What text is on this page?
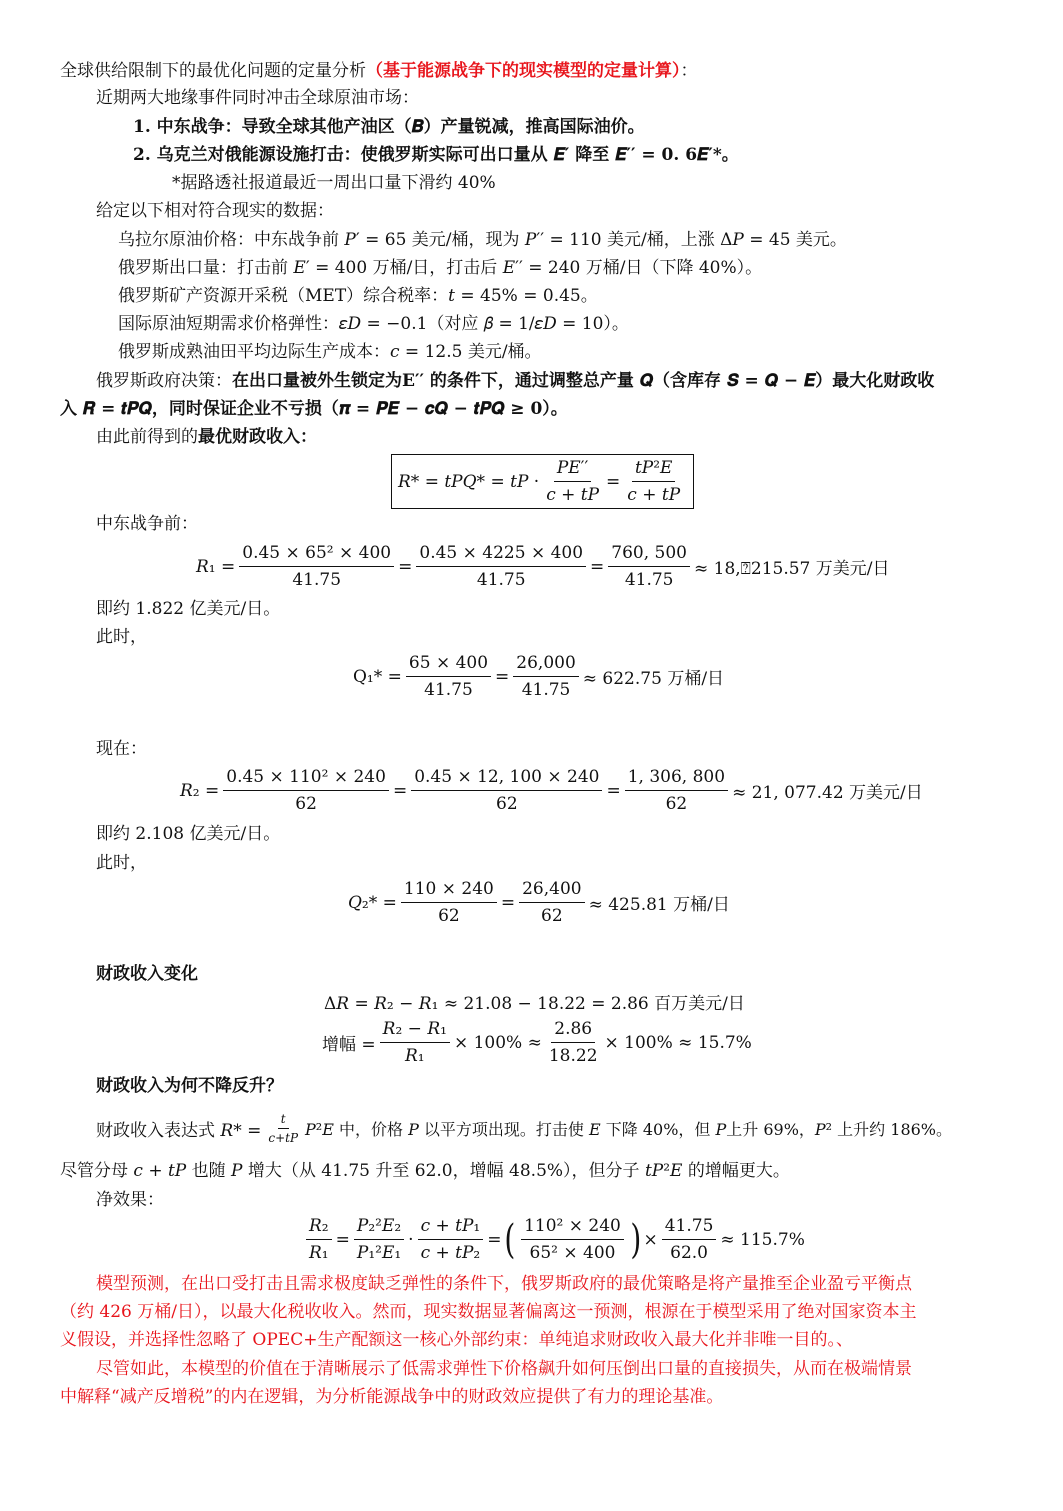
全球供给限制下的最优化问题的定量分析（基于能源战争下的现实模型的定量计算）：
近期两大地缘事件同时冲击全球原油市场：
1. 中东战争：导致全球其他产油区（𝑩）产量锐减，推高国际油价。
2. 乌克兰对俄能源设施打击：使俄罗斯实际可出口量从 𝑬′ 降至 𝑬′′ = 𝟎. 𝟔𝑬′*。
*据路透社报道最近一周出口量下滑约 40%
给定以下相对符合现实的数据：
乌拉尔原油价格：中东战争前 𝑃′ = 65 美元/桶，现为 𝑃′′ = 110 美元/桶，上涨 Δ𝑃 = 45 美元。
俄罗斯出口量：打击前 𝐸′ = 400 万桶/日，打击后 𝐸′′ = 240 万桶/日（下降 40%）。
俄罗斯矿产资源开采税（MET）综合税率：𝑡 = 45% = 0.45。
国际原油短期需求价格弹性：𝜀𝐷 = −0.1（对应 𝛽 = 1/𝜀𝐷 = 10）。
俄罗斯成熟油田平均边际生产成本：𝑐 = 12.5 美元/桶。
俄罗斯政府决策：在出口量被外生锁定为E′′ 的条件下，通过调整总产量 𝑸（含库存 𝑺 = 𝑸 − 𝑬）最大化财政收
入 𝑹 = 𝒕𝑷𝑸，同时保证企业不亏损（𝝅 = 𝑷𝑬 − 𝒄𝑸 − 𝒕𝑷𝑸 ≥ 𝟎）。
由此前得到的最优财政收入：
𝑅* = 𝑡𝑃𝑄* = 𝑡𝑃 · $\frac{\text{𝑃𝐸′′}}{\text{𝑐 + 𝑡𝑃}} = \frac{\text{𝑡𝑃²𝐸}}{\text{𝑐 + 𝑡𝑃}}$
中东战争前：
𝑅₁ = $\frac{\text{0.45 × 65² × 400}}{41.75} = \frac{0.45 \times 4225 \times 400}{41.75} = \frac{760, 500}{41.75}$ ≈ 18,⍰215.57 万美元/日
即约 1.822 亿美元/日。
此时，
$Q_1* = \frac{65 \times 400}{41.75} = \frac{26,000}{41.75} \approx 622.75$ 万桶/日
现在：
𝑅₂ = $\frac{\text{0.45 × 110² × 240}}{62} = \frac{0.45 \times 12, 100 \times 240}{62} = \frac{1, 306, 800}{62} \approx 21$, 077.42 万美元/日
即约 2.108 亿美元/日。
此时，
𝑄₂* = $\frac{110 \times 240}{62} = \frac{26,400}{62} \approx 425.81$ 万桶/日
财政收入变化
Δ𝑅 = 𝑅₂ − 𝑅₁ ≈ 21.08 − 18.22 = 2.86 百万美元/日
增幅 = $\frac{\text{𝑅₂ − 𝑅₁}}{\text{𝑅₁}} \times 100\% \approx \frac{2.86}{18.22} \times 100\% \approx 15.7\%$
财政收入为何不降反升？
财政收入表达式 𝑅* = $\frac{\text{𝑡}}{\text{𝑐+𝑡𝑃}}$ 𝑃²𝐸 中，价格 𝑃 以平方项出现。打击使 𝐸 下降 40%，但 𝑃上升 69%，𝑃² 上升约 186%。
尽管分母 𝑐 + 𝑡𝑃 也随 𝑃 增大（从 41.75 升至 62.0，增幅 48.5%），但分子 𝑡𝑃²𝐸 的增幅更大。
净效果：
$\frac{\text{𝑅₂}}{\text{𝑅₁}} = \frac{\text{𝑃₂²𝐸₂}}{\text{𝑃₁²𝐸₁}} \cdot \frac{\text{𝑐 + 𝑡𝑃₁}}{\text{𝑐 + 𝑡𝑃₂}}$ = ( $\frac{\text{110² × 240}}{\text{65² × 400}}$ ) × $\frac{41.75}{62.0} \approx 115.7\%$
模型预测，在出口受打击且需求极度缺乏弹性的条件下，俄罗斯政府的最优策略是将产量推至企业盈亏平衡点
（约 426 万桶/日），以最大化税收收入。然而，现实数据显著偏离这一预测，根源在于模型采用了绝对国家资本主
义假设，并选择性忽略了 OPEC+生产配额这一核心外部约束：单纯追求财政收入最大化并非唯一目的。、
尽管如此，本模型的价值在于清晰展示了低需求弹性下价格飙升如何压倒出口量的直接损失，从而在极端情景
中解释“减产反增税”的内在逻辑，为分析能源战争中的财政效应提供了有力的理论基准。
